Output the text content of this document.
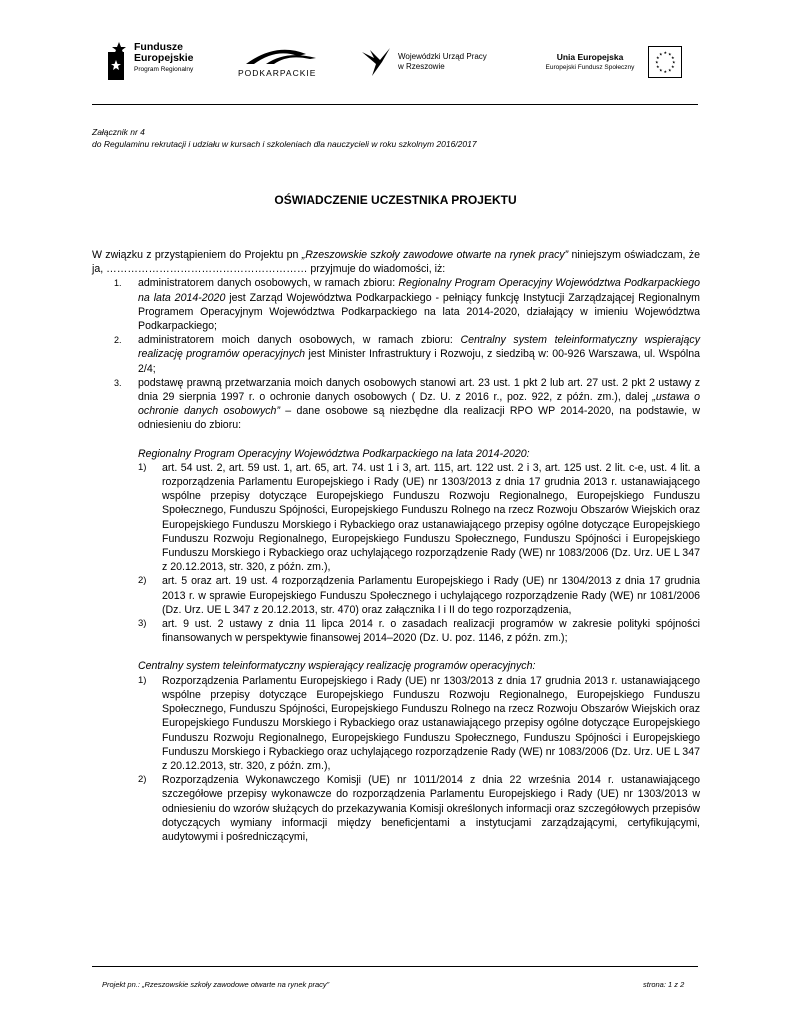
Fundusze
Europejskie
Program Regionalny	PODKARPACKIE
Wojewódzki Urząd Pracy
w Rzeszowie
Unia Europejska
Europejski Fundusz Społeczny
★ ★
★
★
★
★
★
★
★
★
★
★
Załącznik nr 4
do Regulaminu rekrutacji i udziału w kursach i szkoleniach dla nauczycieli w roku szkolnym 2016/2017
OŚWIADCZENIE UCZESTNIKA PROJEKTU

W związku z przystąpieniem do Projektu pn „Rzeszowskie szkoły zawodowe otwarte na rynek pracy” niniejszym oświadczam, że ja, ………………………………………………… przyjmuje do wiadomości, iż:

1. administratorem danych osobowych, w ramach zbioru: Regionalny Program Operacyjny Województwa Podkarpackiego na lata 2014-2020 jest Zarząd Województwa Podkarpackiego - pełniący funkcję Instytucji Zarządzającej Regionalnym Programem Operacyjnym Województwa Podkarpackiego na lata 2014-2020, działający w imieniu Województwa Podkarpackiego;

2. administratorem moich danych osobowych, w ramach zbioru: Centralny system teleinformatyczny wspierający realizację programów operacyjnych jest Minister Infrastruktury i Rozwoju, z siedzibą w: 00-926 Warszawa, ul. Wspólna 2/4;

3. podstawę prawną przetwarzania moich danych osobowych stanowi art. 23 ust. 1 pkt 2 lub art. 27 ust. 2 pkt 2 ustawy z dnia 29 sierpnia 1997 r. o ochronie danych osobowych ( Dz. U. z 2016 r., poz. 922, z późn. zm.), dalej „ustawa o ochronie danych osobowych” – dane osobowe są niezbędne dla realizacji RPO WP 2014-2020, na podstawie, w odniesieniu do zbioru:

Regionalny Program Operacyjny Województwa Podkarpackiego na lata 2014-2020:

1) art. 54 ust. 2, art. 59 ust. 1, art. 65, art. 74. ust 1 i 3, art. 115, art. 122 ust. 2 i 3, art. 125 ust. 2 lit. c-e, ust. 4 lit. a rozporządzenia Parlamentu Europejskiego i Rady (UE) nr 1303/2013 z dnia 17 grudnia 2013 r. ustanawiającego wspólne przepisy dotyczące Europejskiego Funduszu Rozwoju Regionalnego, Europejskiego Funduszu Społecznego, Funduszu Spójności, Europejskiego Funduszu Rolnego na rzecz Rozwoju Obszarów Wiejskich oraz Europejskiego Funduszu Morskiego i Rybackiego oraz ustanawiającego przepisy ogólne dotyczące Europejskiego Funduszu Rozwoju Regionalnego, Europejskiego Funduszu Społecznego, Funduszu Spójności i Europejskiego Funduszu Morskiego i Rybackiego oraz uchylającego rozporządzenie Rady (WE) nr 1083/2006 (Dz. Urz. UE L 347 z 20.12.2013, str. 320, z późn. zm.),

2) art. 5 oraz art. 19 ust. 4 rozporządzenia Parlamentu Europejskiego i Rady (UE) nr 1304/2013 z dnia 17 grudnia 2013 r. w sprawie Europejskiego Funduszu Społecznego i uchylającego rozporządzenie Rady (WE) nr 1081/2006 (Dz. Urz. UE L 347 z 20.12.2013, str. 470) oraz załącznika I i II do tego rozporządzenia,

3) art. 9 ust. 2 ustawy z dnia 11 lipca 2014 r. o zasadach realizacji programów w zakresie polityki spójności finansowanych w perspektywie finansowej 2014–2020 (Dz. U. poz. 1146, z późn. zm.);

Centralny system teleinformatyczny wspierający realizację programów operacyjnych:

1) Rozporządzenia Parlamentu Europejskiego i Rady (UE) nr 1303/2013 z dnia 17 grudnia 2013 r. ustanawiającego wspólne przepisy dotyczące Europejskiego Funduszu Rozwoju Regionalnego, Europejskiego Funduszu Społecznego, Funduszu Spójności, Europejskiego Funduszu Rolnego na rzecz Rozwoju Obszarów Wiejskich oraz Europejskiego Funduszu Morskiego i Rybackiego oraz ustanawiającego przepisy ogólne dotyczące Europejskiego Funduszu Rozwoju Regionalnego, Europejskiego Funduszu Społecznego, Funduszu Spójności i Europejskiego Funduszu Morskiego i Rybackiego oraz uchylającego rozporządzenie Rady (WE) nr 1083/2006 (Dz. Urz. UE L 347 z 20.12.2013, str. 320, z późn. zm.),

2) Rozporządzenia Wykonawczego Komisji (UE) nr 1011/2014 z dnia 22 września 2014 r. ustanawiającego szczegółowe przepisy wykonawcze do rozporządzenia Parlamentu Europejskiego i Rady (UE) nr 1303/2013 w odniesieniu do wzorów służących do przekazywania Komisji określonych informacji oraz szczegółowych przepisów dotyczących wymiany informacji między beneficjentami a instytucjami zarządzającymi, certyfikującymi, audytowymi i pośredniczącymi,

Projekt pn.: „Rzeszowskie szkoły zawodowe otwarte na rynek pracy”	strona: 1 z 2
